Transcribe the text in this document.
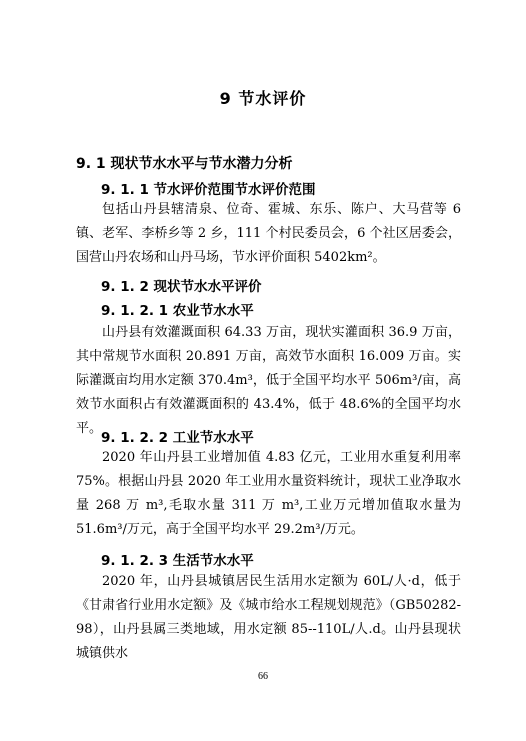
9 节水评价
9. 1 现状节水水平与节水潜力分析
9. 1. 1 节水评价范围节水评价范围

包括山丹县辖清泉、位奇、霍城、东乐、陈户、大马营等 6 镇、老军、李桥乡等 2 乡，111 个村民委员会，6 个社区居委会，国营山丹农场和山丹马场，节水评价面积 5402km²。

9. 1. 2 现状节水水平评价
9. 1. 2. 1 农业节水水平

山丹县有效灌溉面积 64.33 万亩，现状实灌面积 36.9 万亩，其中常规节水面积 20.891 万亩，高效节水面积 16.009 万亩。实际灌溉亩均用水定额 370.4m³，低于全国平均水平 506m³/亩，高效节水面积占有效灌溉面积的 43.4%，低于 48.6%的全国平均水平。

9. 1. 2. 2 工业节水水平

2020 年山丹县工业增加值 4.83 亿元，工业用水重复利用率 75%。根据山丹县 2020 年工业用水量资料统计，现状工业净取水量 268 万 m³,毛取水量 311 万 m³,工业万元增加值取水量为 51.6m³/万元，高于全国平均水平 29.2m³/万元。

9. 1. 2. 3 生活节水水平

2020 年，山丹县城镇居民生活用水定额为 60L/人·d，低于《甘肃省行业用水定额》及《城市给水工程规划规范》（GB50282-98），山丹县属三类地域，用水定额 85--110L/人.d。山丹县现状城镇供水

66
